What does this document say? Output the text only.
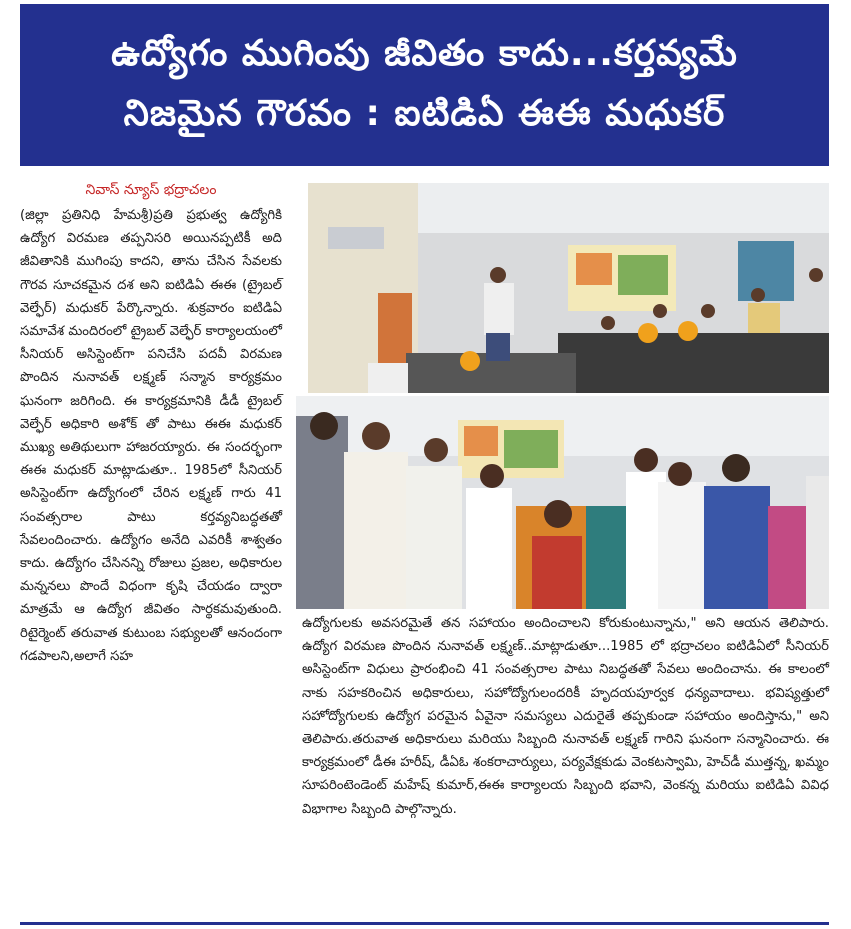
ఉద్యోగం ముగింపు జీవితం కాదు...కర్తవ్యమే
నిజమైన గౌరవం : ఐటిడిఏ ఈఈ మధుకర్
నివాస్ న్యూస్ భద్రాచలం

(జిల్లా ప్రతినిధి హేమశ్రీ)ప్రతి ప్రభుత్వ ఉద్యోగికి ఉద్యోగ విరమణ తప్పనిసరి అయినప్పటికీ అది జీవితానికి ముగింపు కాదని, తాను చేసిన సేవలకు గౌరవ సూచకమైన దశ అని ఐటిడిఏ ఈఈ (ట్రైబల్ వెల్ఫేర్) మధుకర్ పేర్కొన్నారు. శుక్రవారం ఐటిడిఏ సమావేశ మందిరంలో ట్రైబల్ వెల్ఫేర్ కార్యాలయంలో సీనియర్ అసిస్టెంట్‌గా పనిచేసి పదవీ విరమణ పొందిన నునావత్ లక్ష్మణ్ సన్మాన కార్యక్రమం ఘనంగా జరిగింది. ఈ కార్యక్రమానికి డీడీ ట్రైబల్ వెల్ఫేర్ అధికారి అశోక్ తో పాటు ఈఈ మధుకర్ ముఖ్య అతిథులుగా హాజరయ్యారు. ఈ సందర్భంగా ఈఈ మధుకర్ మాట్లాడుతూ.. 1985లో సీనియర్ అసిస్టెంట్‌గా ఉద్యోగంలో చేరిన లక్ష్మణ్ గారు 41 సంవత్సరాల పాటు కర్తవ్యనిబద్ధతతో సేవలందించారు. ఉద్యోగం అనేది ఎవరికీ శాశ్వతం కాదు. ఉద్యోగం చేసినన్ని రోజులు ప్రజల, అధికారుల మన్ననలు పొందే విధంగా కృషి చేయడం ద్వారా మాత్రమే ఆ ఉద్యోగ జీవితం సార్థకమవుతుంది. రిటైర్మెంట్ తరువాత కుటుంబ సభ్యులతో ఆనందంగా గడపాలని,అలాగే సహ

ఉద్యోగులకు అవసరమైతే తన సహాయం అందించాలని కోరుకుంటున్నాను," అని ఆయన తెలిపారు. ఉద్యోగ విరమణ పొందిన నునావత్ లక్ష్మణ్..మాట్లాడుతూ...1985 లో భద్రాచలం ఐటిడిఏలో సీనియర్ అసిస్టెంట్‌గా విధులు ప్రారంభించి 41 సంవత్సరాల పాటు నిబద్ధతతో సేవలు అందించాను. ఈ కాలంలో నాకు సహకరించిన అధికారులు, సహోద్యోగులందరికీ హృదయపూర్వక ధన్యవాదాలు. భవిష్యత్తులో సహోద్యోగులకు ఉద్యోగ పరమైన ఏవైనా సమస్యలు ఎదురైతే తప్పకుండా సహాయం అందిస్తాను," అని తెలిపారు.తరువాత అధికారులు మరియు సిబ్బంది నునావత్ లక్ష్మణ్ గారిని ఘనంగా సన్మానించారు. ఈ కార్యక్రమంలో డీఈ హరీష్, డీఏఓ శంకరాచార్యులు, పర్యవేక్షకుడు వెంకటస్వామి, హెచ్‌డీ ముత్తన్న, ఖమ్మం సూపరింటెండెంట్ మహేష్ కుమార్,ఈఈ కార్యాలయ సిబ్బంది భవాని, వెంకన్న మరియు ఐటిడిఏ వివిధ విభాగాల సిబ్బంది పాల్గొన్నారు.
